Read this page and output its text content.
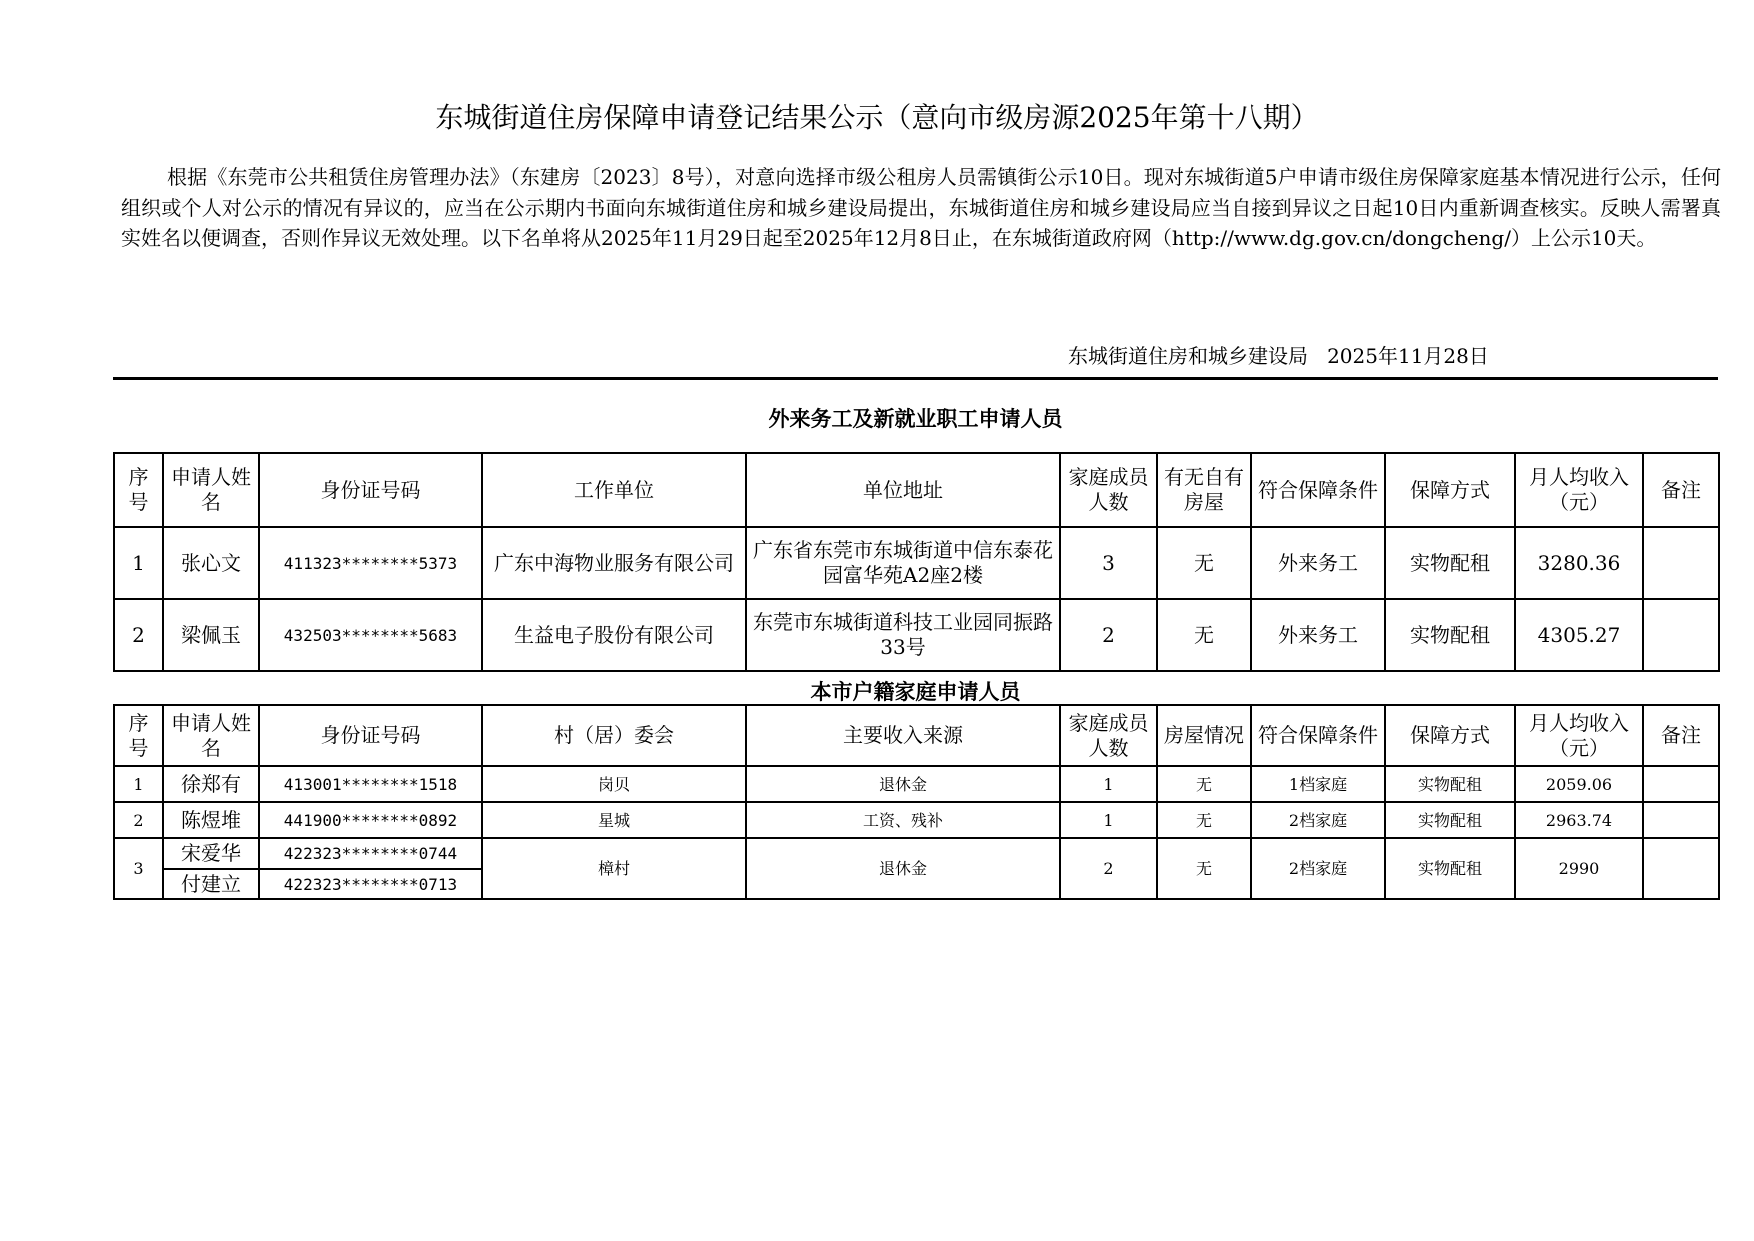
东城街道住房保障申请登记结果公示（意向市级房源2025年第十八期）
根据《东莞市公共租赁住房管理办法》（东建房〔2023〕8号），对意向选择市级公租房人员需镇街公示10日。现对东城街道5户申请市级住房保障家庭基本情况进行公示，任何组织或个人对公示的情况有异议的，应当在公示期内书面向东城街道住房和城乡建设局提出，东城街道住房和城乡建设局应当自接到异议之日起10日内重新调查核实。反映人需署真实姓名以便调查，否则作异议无效处理。以下名单将从2025年11月29日起至2025年12月8日止，在东城街道政府网（http://www.dg.gov.cn/dongcheng/）上公示10天。
东城街道住房和城乡建设局 2025年11月28日
外来务工及新就业职工申请人员
序号	申请人姓名	身份证号码	工作单位	单位地址	家庭成员人数	有无自有房屋	符合保障条件	保障方式	月人均收入（元）	备注
1	张心文	411323********5373	广东中海物业服务有限公司	广东省东莞市东城街道中信东泰花园富华苑A2座2楼	3	无	外来务工	实物配租	3280.36	
2	梁佩玉	432503********5683	生益电子股份有限公司	东莞市东城街道科技工业园同振路33号	2	无	外来务工	实物配租	4305.27	
本市户籍家庭申请人员
序号	申请人姓名	身份证号码	村（居）委会	主要收入来源	家庭成员人数	房屋情况	符合保障条件	保障方式	月人均收入（元）	备注
1	徐郑有	413001********1518	岗贝	退休金	1	无	1档家庭	实物配租	2059.06	
2	陈煜堆	441900********0892	星城	工资、残补	1	无	2档家庭	实物配租	2963.74	
3	宋爱华	422323********0744	樟村	退休金	2	无	2档家庭	实物配租	2990	
	付建立	422323********0713								
